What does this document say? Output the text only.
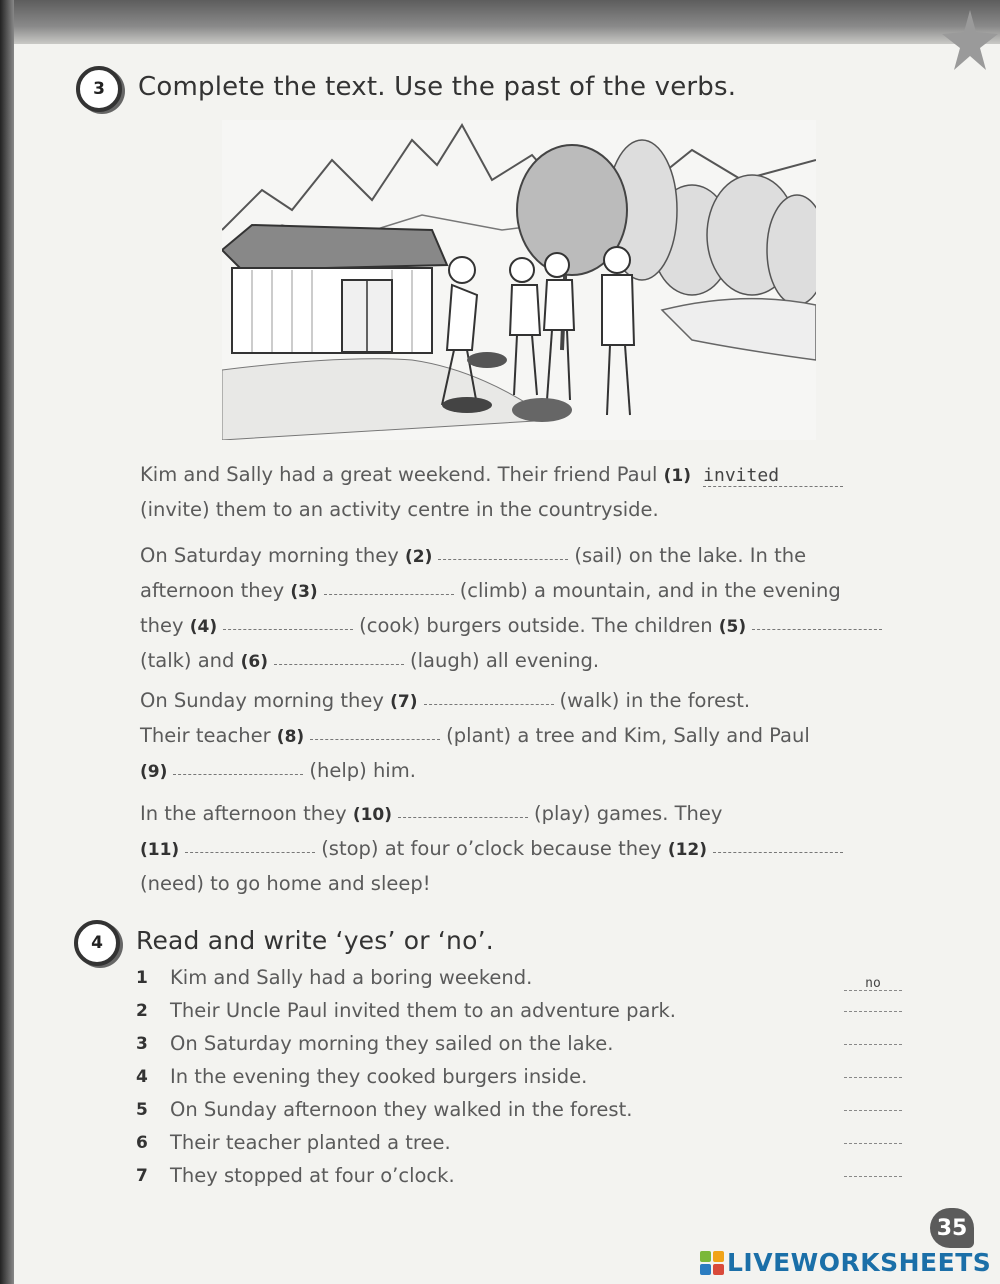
3	Complete the text. Use the past of the verbs.
Kim and Sally had a great weekend. Their friend Paul (1) invited
(invite) them to an activity centre in the countryside.
On Saturday morning they (2)	(sail) on the lake. In the
afternoon they (3)	(climb) a mountain, and in the evening
they (4)	(cook) burgers outside. The children (5)
(talk) and (6)	(laugh) all evening.
On Sunday morning they (7)	(walk) in the forest.
Their teacher (8)	(plant) a tree and Kim, Sally and Paul
(9)	(help) him.
In the afternoon they (10)	(play) games. They
(11)	(stop) at four o’clock because they (12)
(need) to go home and sleep!
4	Read and write ‘yes’ or ‘no’.
1 Kim and Sally had a boring weekend.	no
2 Their Uncle Paul invited them to an adventure park.
3 On Saturday morning they sailed on the lake.
4 In the evening they cooked burgers inside.
5 On Sunday afternoon they walked in the forest.
6 Their teacher planted a tree.
7 They stopped at four o’clock.
35
LIVEWORKSHEETS
